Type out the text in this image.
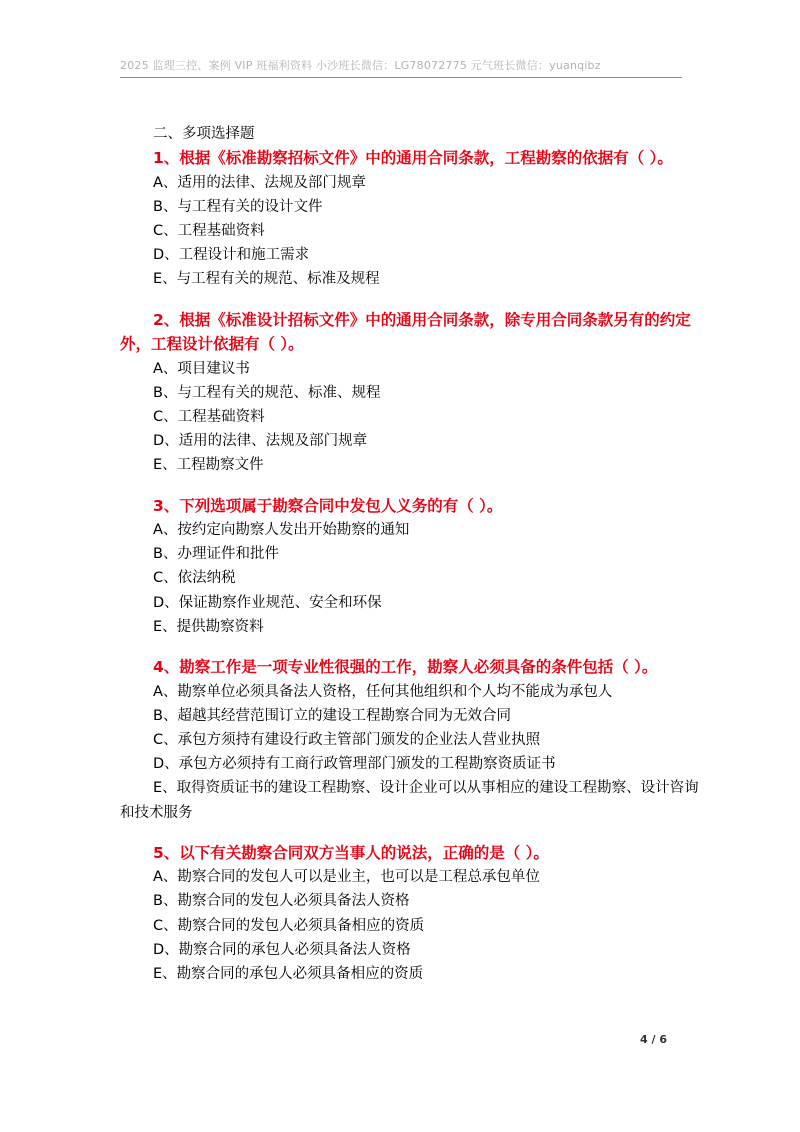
2025 监理三控、案例 VIP 班福利资料 小沙班长微信：LG78072775 元气班长微信：yuanqibz

二、多项选择题

1、根据《标准勘察招标文件》中的通用合同条款，工程勘察的依据有（ ）。

A、适用的法律、法规及部门规章

B、与工程有关的设计文件

C、工程基础资料

D、工程设计和施工需求

E、与工程有关的规范、标准及规程

2、根据《标准设计招标文件》中的通用合同条款，除专用合同条款另有的约定外，工程设计依据有（ ）。

A、项目建议书

B、与工程有关的规范、标准、规程

C、工程基础资料

D、适用的法律、法规及部门规章

E、工程勘察文件

3、下列选项属于勘察合同中发包人义务的有（ ）。

A、按约定向勘察人发出开始勘察的通知

B、办理证件和批件

C、依法纳税

D、保证勘察作业规范、安全和环保

E、提供勘察资料

4、勘察工作是一项专业性很强的工作，勘察人必须具备的条件包括（ ）。

A、勘察单位必须具备法人资格，任何其他组织和个人均不能成为承包人

B、超越其经营范围订立的建设工程勘察合同为无效合同

C、承包方须持有建设行政主管部门颁发的企业法人营业执照

D、承包方必须持有工商行政管理部门颁发的工程勘察资质证书

E、取得资质证书的建设工程勘察、设计企业可以从事相应的建设工程勘察、设计咨询和技术服务

5、以下有关勘察合同双方当事人的说法，正确的是（ ）。

A、勘察合同的发包人可以是业主，也可以是工程总承包单位

B、勘察合同的发包人必须具备法人资格

C、勘察合同的发包人必须具备相应的资质

D、勘察合同的承包人必须具备法人资格

E、勘察合同的承包人必须具备相应的资质

4 / 6
